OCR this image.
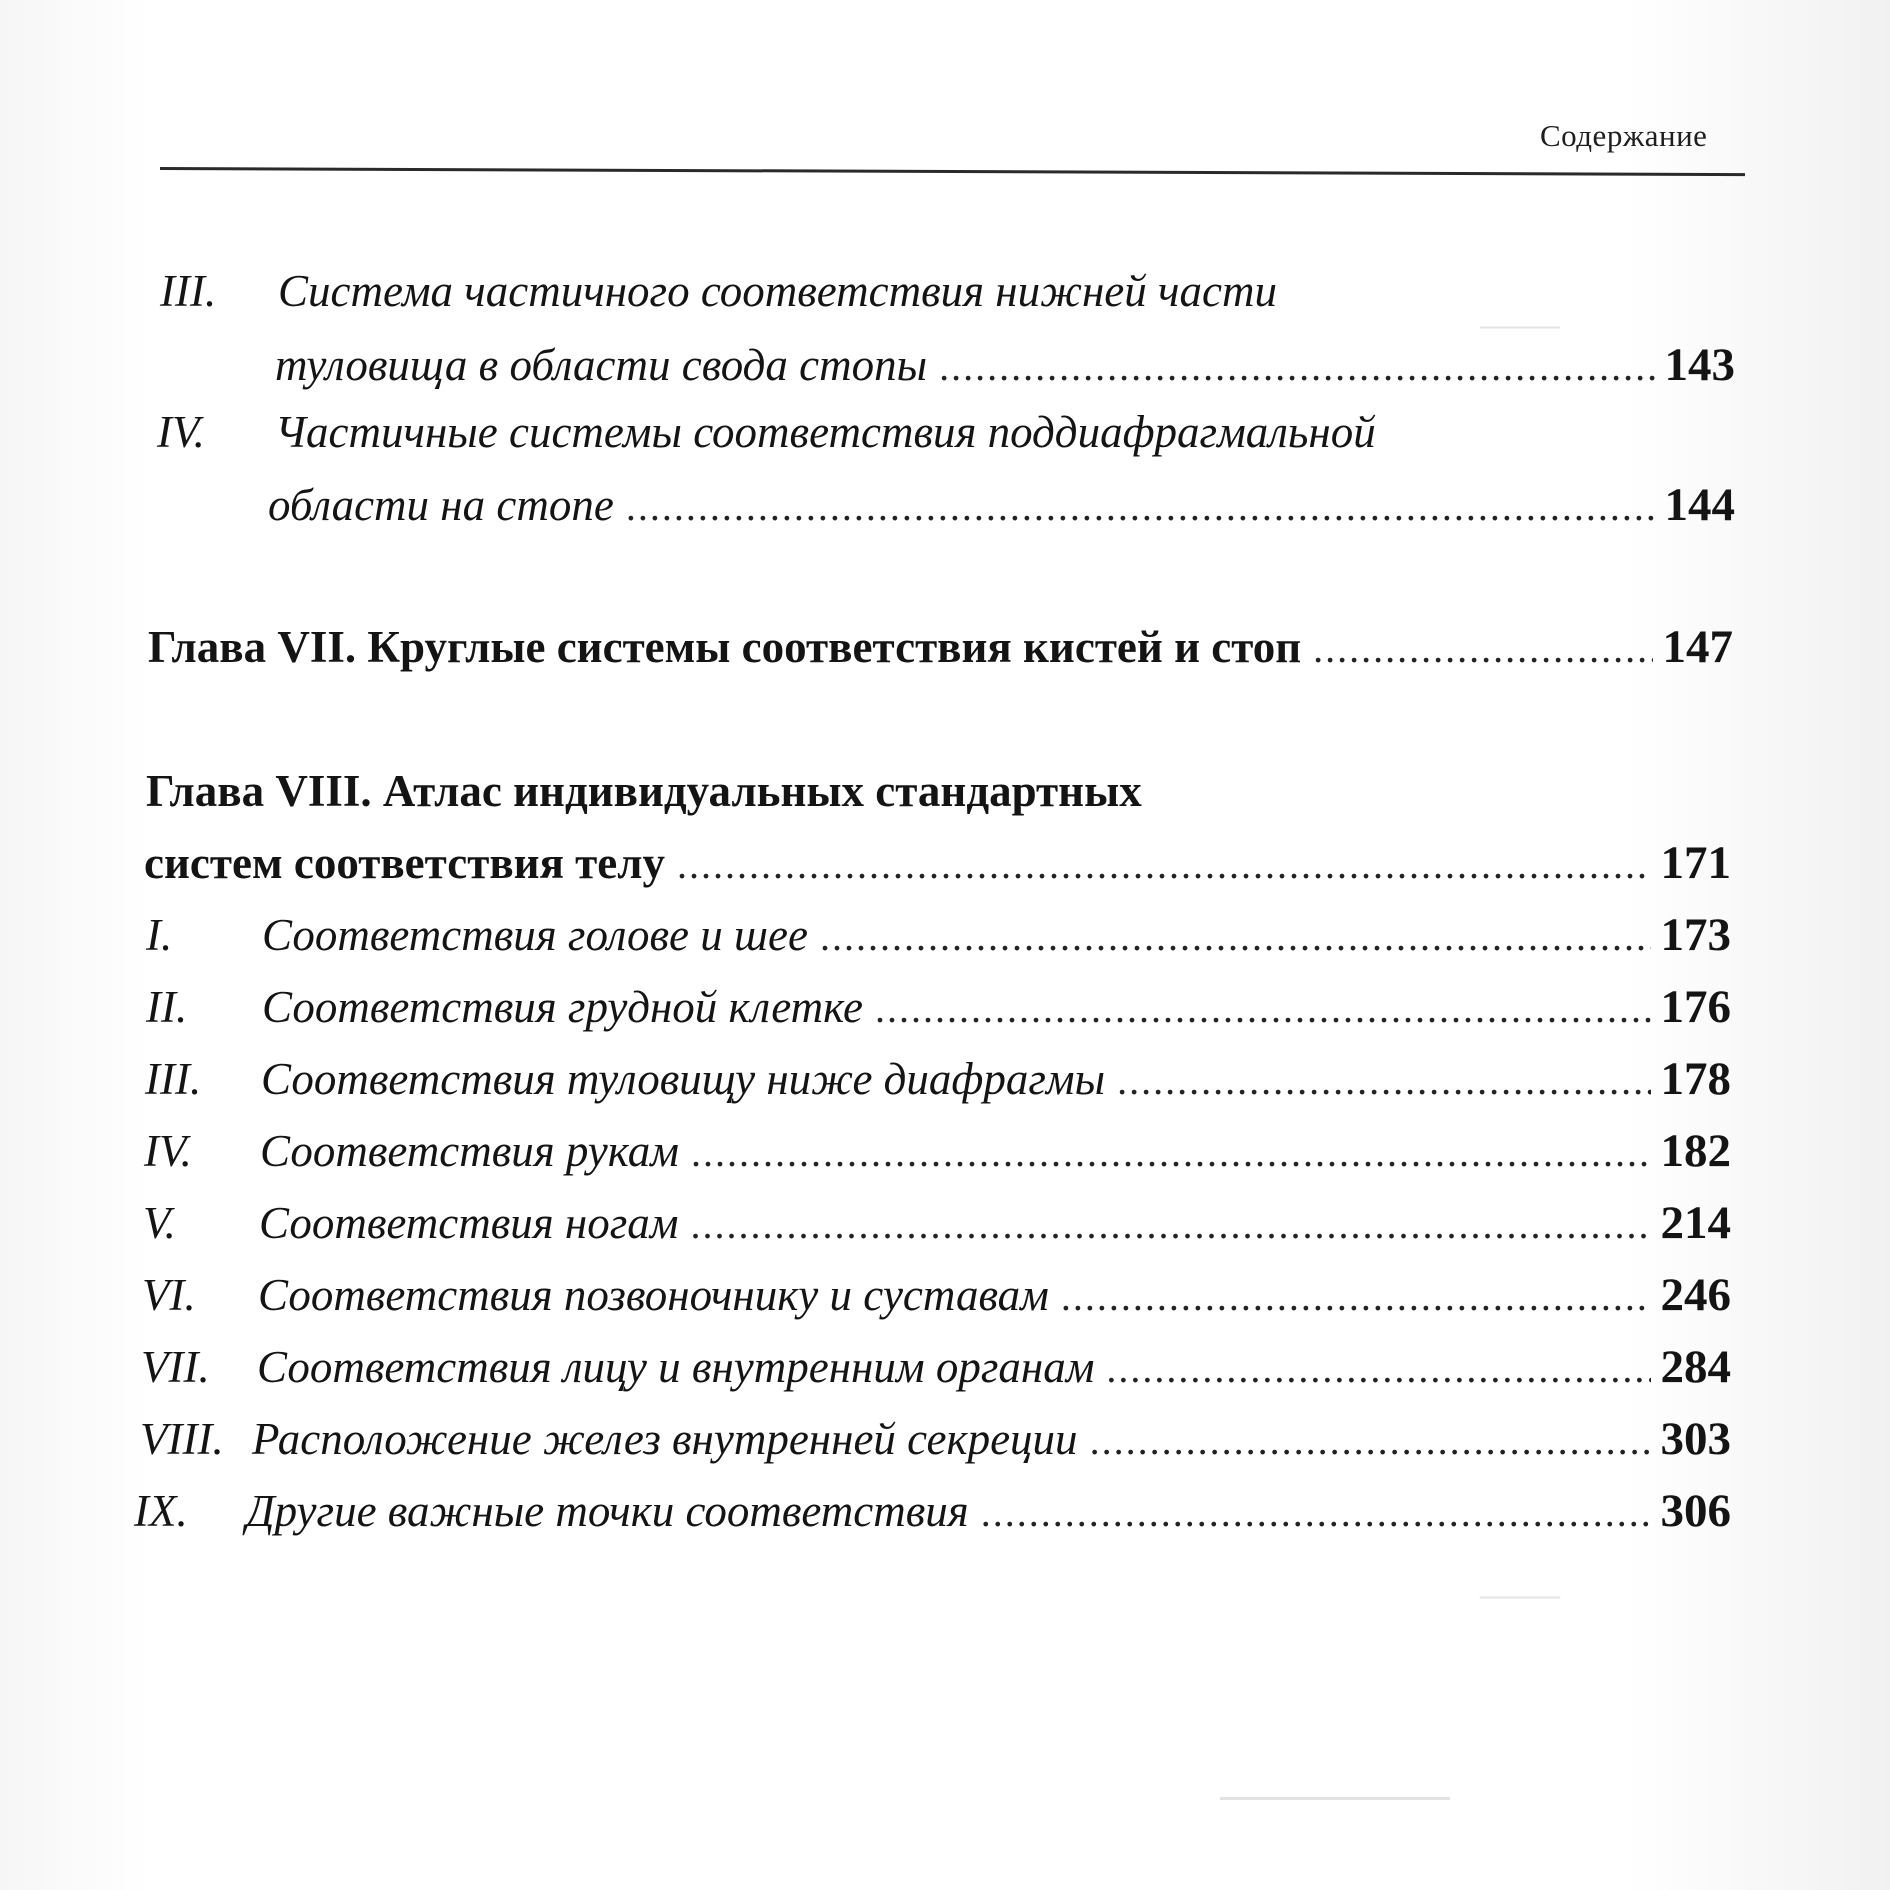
——
——
Содержание
III.	Система частичного соответствия нижней части
туловища в области свода стопы .....	143
IV.	Частичные системы соответствия поддиафрагмальной
области на стопе .....	144
Глава VII. Круглые системы соответствия кистей и стоп .....	147
Глава VIII. Атлас индивидуальных стандартных
систем соответствия телу .....	171
I.	Соответствия голове и шее .....	173
II.	Соответствия грудной клетке .....	176
III.	Соответствия туловищу ниже диафрагмы .....	178
IV.	Соответствия рукам .....	182
V.	Соответствия ногам .....	214
VI.	Соответствия позвоночнику и суставам .....	246
VII.	Соответствия лицу и внутренним органам .....	284
VIII. Расположение желез внутренней секреции .....	303
IX.	Другие важные точки соответствия .....	306
